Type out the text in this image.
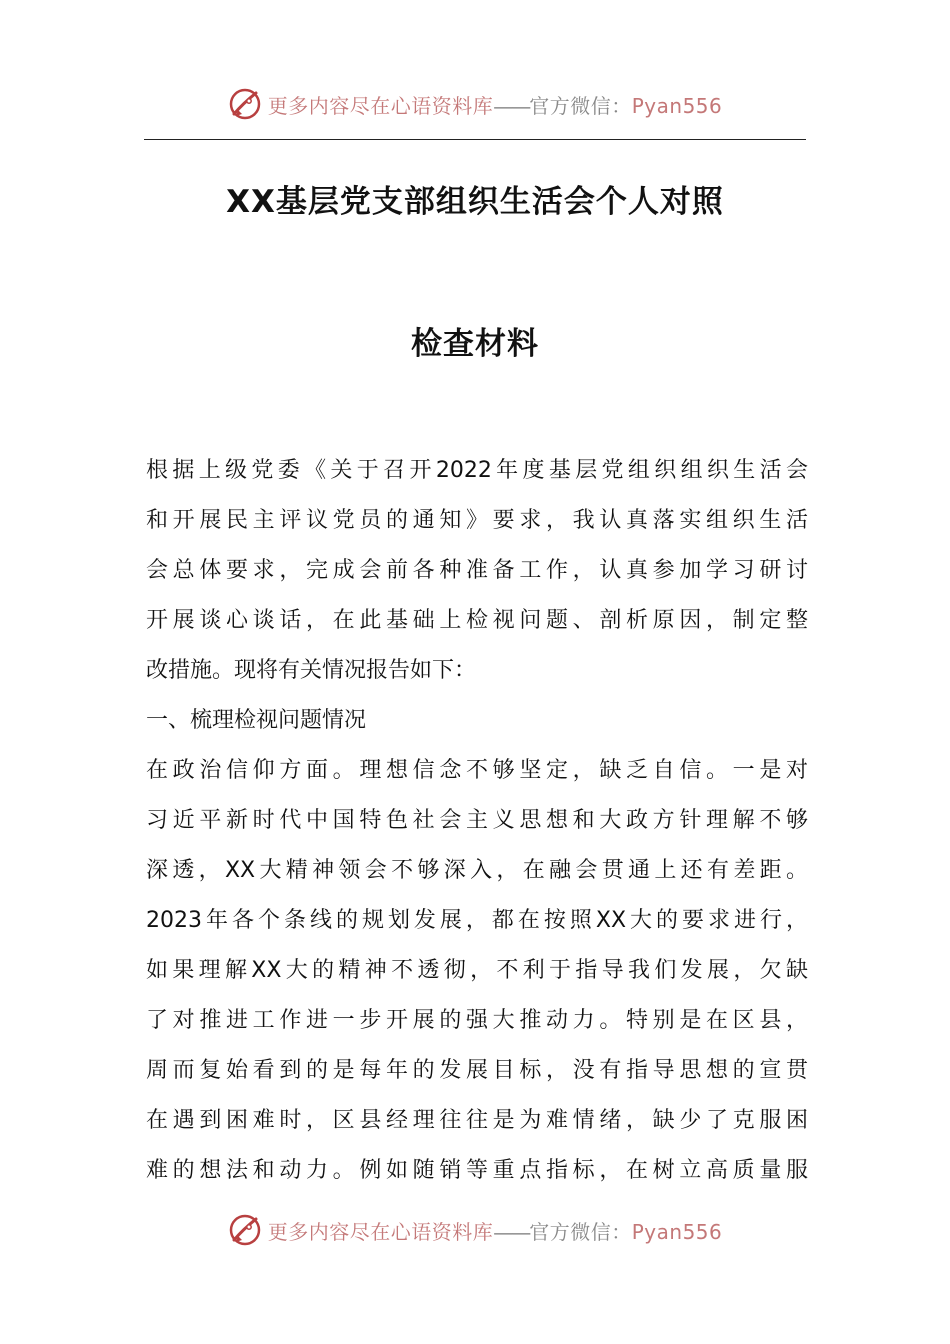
更多内容尽在心语资料库——官方微信：Pyan556
XX基层党支部组织生活会个人对照
检查材料
根据上级党委《关于召开2022年度基层党组织组织生活会
和开展民主评议党员的通知》要求，我认真落实组织生活
会总体要求，完成会前各种准备工作，认真参加学习研讨
开展谈心谈话，在此基础上检视问题、剖析原因，制定整
改措施。现将有关情况报告如下：
一、梳理检视问题情况
在政治信仰方面。理想信念不够坚定，缺乏自信。一是对
习近平新时代中国特色社会主义思想和大政方针理解不够
深透，XX大精神领会不够深入，在融会贯通上还有差距。
2023年各个条线的规划发展，都在按照XX大的要求进行，
如果理解XX大的精神不透彻，不利于指导我们发展，欠缺
了对推进工作进一步开展的强大推动力。特别是在区县，
周而复始看到的是每年的发展目标，没有指导思想的宣贯
在遇到困难时，区县经理往往是为难情绪，缺少了克服困
难的想法和动力。例如随销等重点指标，在树立高质量服
更多内容尽在心语资料库——官方微信：Pyan556
